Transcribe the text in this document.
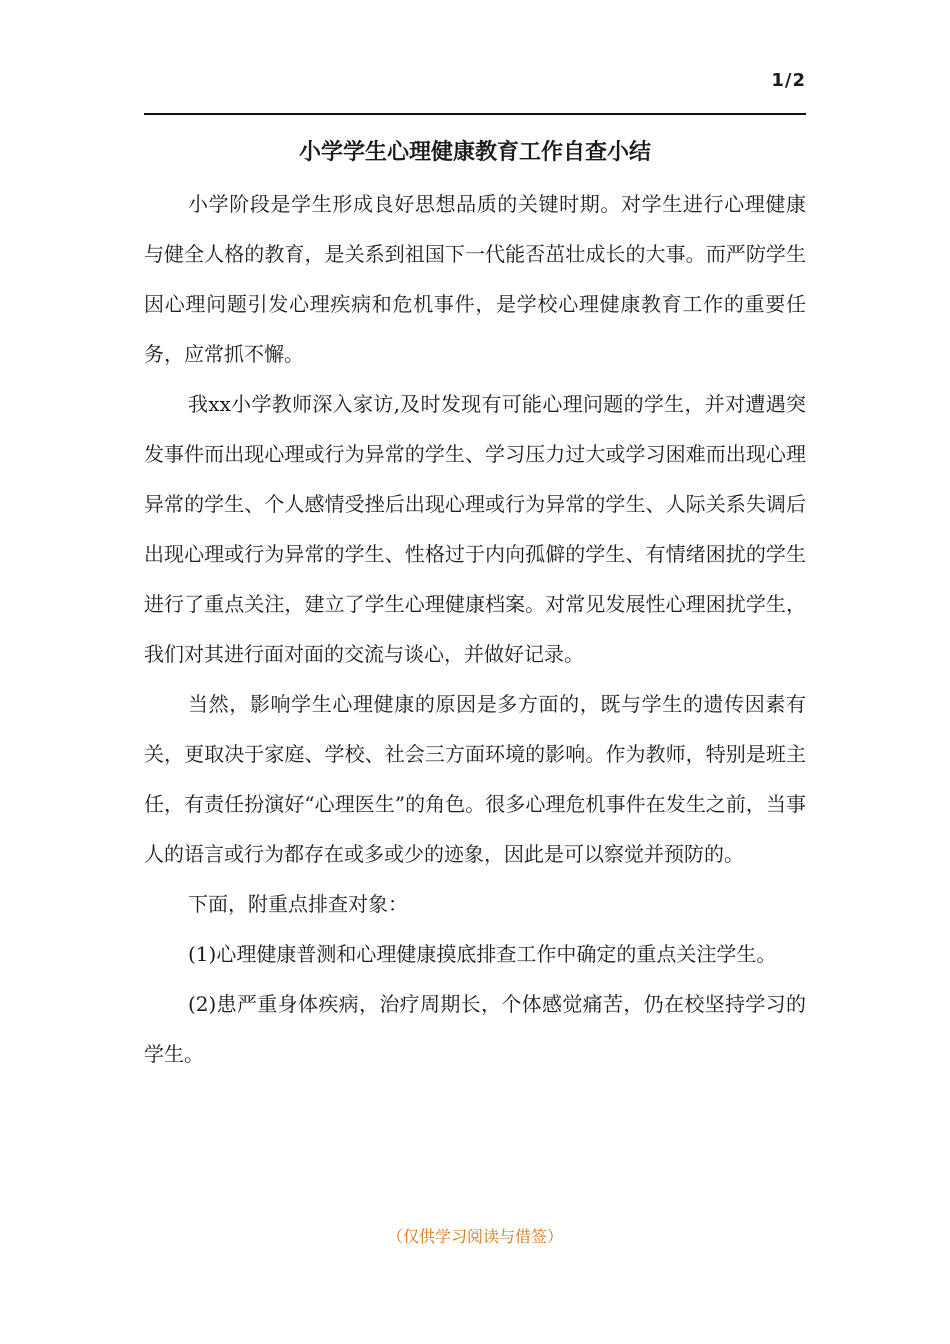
1/2
小学学生心理健康教育工作自查小结

小学阶段是学生形成良好思想品质的关键时期。对学生进行心理健康与健全人格的教育，是关系到祖国下一代能否茁壮成长的大事。而严防学生因心理问题引发心理疾病和危机事件，是学校心理健康教育工作的重要任务，应常抓不懈。

我xx小学教师深入家访,及时发现有可能心理问题的学生，并对遭遇突发事件而出现心理或行为异常的学生、学习压力过大或学习困难而出现心理异常的学生、个人感情受挫后出现心理或行为异常的学生、人际关系失调后出现心理或行为异常的学生、性格过于内向孤僻的学生、有情绪困扰的学生进行了重点关注，建立了学生心理健康档案。对常见发展性心理困扰学生，我们对其进行面对面的交流与谈心，并做好记录。

当然，影响学生心理健康的原因是多方面的，既与学生的遗传因素有关，更取决于家庭、学校、社会三方面环境的影响。作为教师，特别是班主任，有责任扮演好“心理医生”的角色。很多心理危机事件在发生之前，当事人的语言或行为都存在或多或少的迹象，因此是可以察觉并预防的。

下面，附重点排查对象：

(1)心理健康普测和心理健康摸底排查工作中确定的重点关注学生。

(2)患严重身体疾病，治疗周期长，个体感觉痛苦，仍在校坚持学习的学生。

（仅供学习阅读与借签）
